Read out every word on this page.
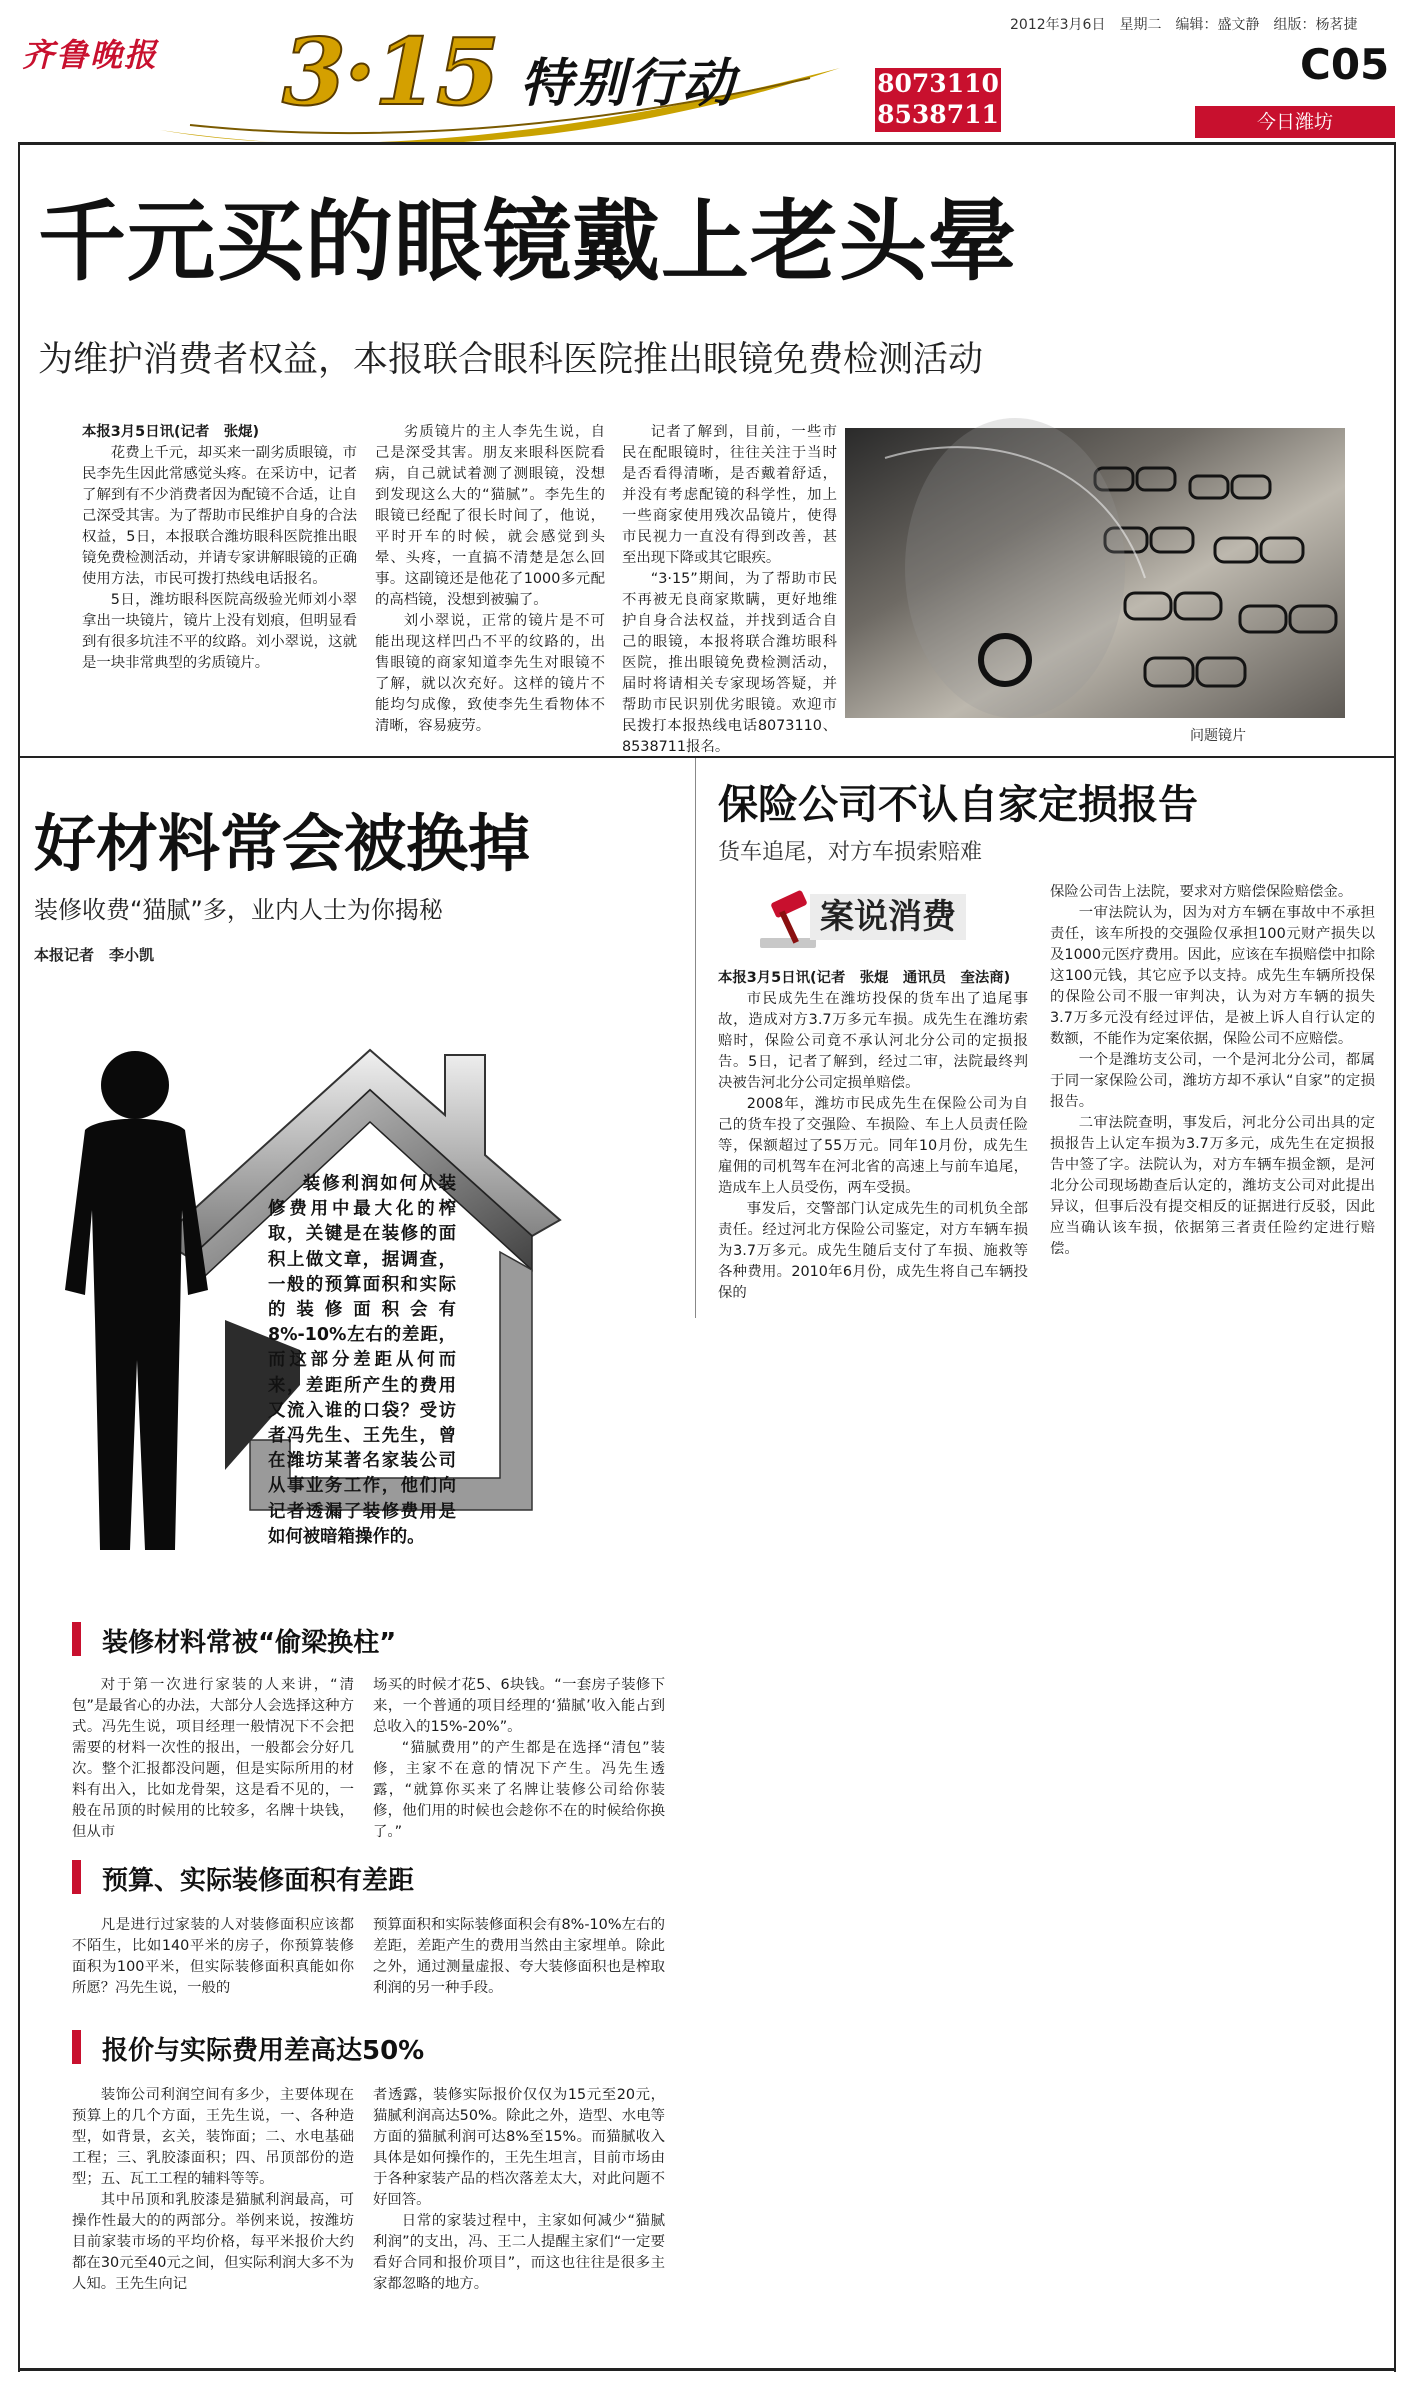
齐鲁晚报 3·15 特别行动	8073110
8538711
2012年3月6日　星期二　编辑：盛文静　组版：杨茗捷
C05
今日潍坊
千元买的眼镜戴上老头晕
为维护消费者权益，本报联合眼科医院推出眼镜免费检测活动

本报3月5日讯(记者　张焜)

花费上千元，却买来一副劣质眼镜，市民李先生因此常感觉头疼。在采访中，记者了解到有不少消费者因为配镜不合适，让自己深受其害。为了帮助市民维护自身的合法权益，5日，本报联合潍坊眼科医院推出眼镜免费检测活动，并请专家讲解眼镜的正确使用方法，市民可拨打热线电话报名。

5日，潍坊眼科医院高级验光师刘小翠拿出一块镜片，镜片上没有划痕，但明显看到有很多坑洼不平的纹路。刘小翠说，这就是一块非常典型的劣质镜片。

劣质镜片的主人李先生说，自己是深受其害。朋友来眼科医院看病，自己就试着测了测眼镜，没想到发现这么大的“猫腻”。李先生的眼镜已经配了很长时间了，他说，平时开车的时候，就会感觉到头晕、头疼，一直搞不清楚是怎么回事。这副镜还是他花了1000多元配的高档镜，没想到被骗了。

刘小翠说，正常的镜片是不可能出现这样凹凸不平的纹路的，出售眼镜的商家知道李先生对眼镜不了解，就以次充好。这样的镜片不能均匀成像，致使李先生看物体不清晰，容易疲劳。

记者了解到，目前，一些市民在配眼镜时，往往关注于当时是否看得清晰，是否戴着舒适，并没有考虑配镜的科学性，加上一些商家使用残次品镜片，使得市民视力一直没有得到改善，甚至出现下降或其它眼疾。

“3·15”期间，为了帮助市民不再被无良商家欺瞒，更好地维护自身合法权益，并找到适合自己的眼镜，本报将联合潍坊眼科医院，推出眼镜免费检测活动，届时将请相关专家现场答疑，并帮助市民识别优劣眼镜。欢迎市民拨打本报热线电话8073110、8538711报名。

问题镜片
好材料常会被换掉
装修收费“猫腻”多，业内人士为你揭秘
本报记者　李小凯
装修利润如何从装修费用中最大化的榨取，关键是在装修的面积上做文章，据调查，一般的预算面积和实际的装修面积会有8%-10%左右的差距，而这部分差距从何而来，差距所产生的费用又流入谁的口袋？受访者冯先生、王先生，曾在潍坊某著名家装公司从事业务工作，他们向记者透漏了装修费用是如何被暗箱操作的。
装修材料常被“偷梁换柱”

对于第一次进行家装的人来讲，“清包”是最省心的办法，大部分人会选择这种方式。冯先生说，项目经理一般情况下不会把需要的材料一次性的报出，一般都会分好几次。整个汇报都没问题，但是实际所用的材料有出入，比如龙骨架，这是看不见的，一般在吊顶的时候用的比较多，名牌十块钱，但从市

场买的时候才花5、6块钱。“一套房子装修下来，一个普通的项目经理的‘猫腻’收入能占到总收入的15%-20%”。

“猫腻费用”的产生都是在选择“清包”装修，主家不在意的情况下产生。冯先生透露，“就算你买来了名牌让装修公司给你装修，他们用的时候也会趁你不在的时候给你换了。”

预算、实际装修面积有差距

凡是进行过家装的人对装修面积应该都不陌生，比如140平米的房子，你预算装修面积为100平米，但实际装修面积真能如你所愿？冯先生说，一般的

预算面积和实际装修面积会有8%-10%左右的差距，差距产生的费用当然由主家埋单。除此之外，通过测量虚报、夸大装修面积也是榨取利润的另一种手段。

报价与实际费用差高达50%

装饰公司利润空间有多少，主要体现在预算上的几个方面，王先生说，一、各种造型，如背景，玄关，装饰面；二、水电基础工程；三、乳胶漆面积；四、吊顶部份的造型；五、瓦工工程的辅料等等。

其中吊顶和乳胶漆是猫腻利润最高，可操作性最大的的两部分。举例来说，按潍坊目前家装市场的平均价格，每平米报价大约都在30元至40元之间，但实际利润大多不为人知。王先生向记

者透露，装修实际报价仅仅为15元至20元，猫腻利润高达50%。除此之外，造型、水电等方面的猫腻利润可达8%至15%。而猫腻收入具体是如何操作的，王先生坦言，目前市场由于各种家装产品的档次落差太大，对此问题不好回答。

日常的家装过程中，主家如何减少“猫腻利润”的支出，冯、王二人提醒主家们“一定要看好合同和报价项目”，而这也往往是很多主家都忽略的地方。

保险公司不认自家定损报告
货车追尾，对方车损索赔难
案说消费

本报3月5日讯(记者　张焜　通讯员　奎法商)

市民成先生在潍坊投保的货车出了追尾事故，造成对方3.7万多元车损。成先生在潍坊索赔时，保险公司竟不承认河北分公司的定损报告。5日，记者了解到，经过二审，法院最终判决被告河北分公司定损单赔偿。

2008年，潍坊市民成先生在保险公司为自己的货车投了交强险、车损险、车上人员责任险等，保额超过了55万元。同年10月份，成先生雇佣的司机驾车在河北省的高速上与前车追尾，造成车上人员受伤，两车受损。

事发后，交警部门认定成先生的司机负全部责任。经过河北方保险公司鉴定，对方车辆车损为3.7万多元。成先生随后支付了车损、施救等各种费用。2010年6月份，成先生将自己车辆投保的

保险公司告上法院，要求对方赔偿保险赔偿金。

一审法院认为，因为对方车辆在事故中不承担责任，该车所投的交强险仅承担100元财产损失以及1000元医疗费用。因此，应该在车损赔偿中扣除这100元钱，其它应予以支持。成先生车辆所投保的保险公司不服一审判决，认为对方车辆的损失3.7万多元没有经过评估，是被上诉人自行认定的数额，不能作为定案依据，保险公司不应赔偿。

一个是潍坊支公司，一个是河北分公司，都属于同一家保险公司，潍坊方却不承认“自家”的定损报告。

二审法院查明，事发后，河北分公司出具的定损报告上认定车损为3.7万多元，成先生在定损报告中签了字。法院认为，对方车辆车损金额，是河北分公司现场勘查后认定的，潍坊支公司对此提出异议，但事后没有提交相反的证据进行反驳，因此应当确认该车损，依据第三者责任险约定进行赔偿。
